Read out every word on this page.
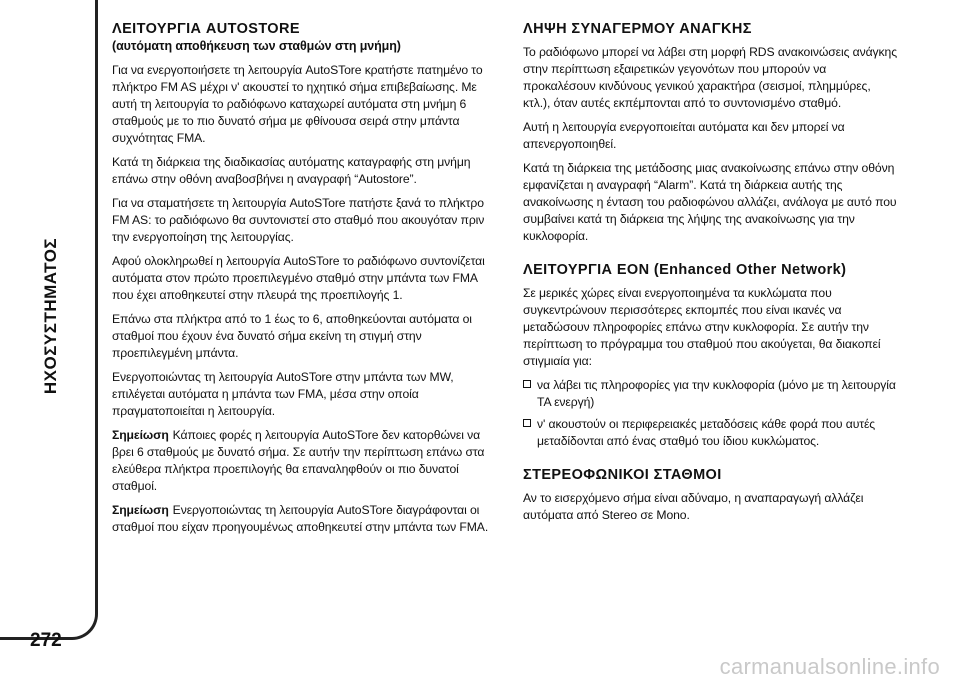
ΗΧΟΣΥΣΤΗΜΑΤΟΣ
272
ΛΕΙΤΟΥΡΓΙΑ AUTOSTORE
(αυτόματη αποθήκευση των σταθμών στη μνήμη)

Για να ενεργοποιήσετε τη λειτουργία AutoSTore κρατήστε πατημένο το πλήκτρο FM AS μέχρι ν' ακουστεί το ηχητικό σήμα επιβεβαίωσης. Με αυτή τη λειτουργία το ραδιόφωνο καταχωρεί αυτόματα στη μνήμη 6 σταθμούς με το πιο δυνατό σήμα με φθίνουσα σειρά στην μπάντα συχνότητας FMA.

Κατά τη διάρκεια της διαδικασίας αυτόματης καταγραφής στη μνήμη επάνω στην οθόνη αναβοσβήνει η αναγραφή “Autostore”.

Για να σταματήσετε τη λειτουργία AutoSTore πατήστε ξανά το πλήκτρο FM AS: το ραδιόφωνο θα συντονιστεί στο σταθμό που ακουγόταν πριν την ενεργοποίηση της λειτουργίας.

Αφού ολοκληρωθεί η λειτουργία AutoSTore το ραδιόφωνο συντονίζεται αυτόματα στον πρώτο προεπιλεγμένο σταθμό στην μπάντα των FMA που έχει αποθηκευτεί στην πλευρά της προεπιλογής 1.

Επάνω στα πλήκτρα από το 1 έως το 6, αποθηκεύονται αυτόματα οι σταθμοί που έχουν ένα δυνατό σήμα εκείνη τη στιγμή στην προεπιλεγμένη μπάντα.

Ενεργοποιώντας τη λειτουργία AutoSTore στην μπάντα των MW, επιλέγεται αυτόματα η μπάντα των FMA, μέσα στην οποία πραγματοποιείται η λειτουργία.

Σημείωση Κάποιες φορές η λειτουργία AutoSTore δεν κατορθώνει να βρει 6 σταθμούς με δυνατό σήμα. Σε αυτήν την περίπτωση επάνω στα ελεύθερα πλήκτρα προεπιλογής θα επαναληφθούν οι πιο δυνατοί σταθμοί.

Σημείωση Ενεργοποιώντας τη λειτουργία AutoSTore διαγράφονται οι σταθμοί που είχαν προηγουμένως αποθηκευτεί στην μπάντα των FMA.

ΛΗΨΗ ΣΥΝΑΓΕΡΜΟΥ ΑΝΑΓΚΗΣ

Το ραδιόφωνο μπορεί να λάβει στη μορφή RDS ανακοινώσεις ανάγκης στην περίπτωση εξαιρετικών γεγονότων που μπορούν να προκαλέσουν κινδύνους γενικού χαρακτήρα (σεισμοί, πλημμύρες, κτλ.), όταν αυτές εκπέμπονται από το συντονισμένο σταθμό.

Αυτή η λειτουργία ενεργοποιείται αυτόματα και δεν μπορεί να απενεργοποιηθεί.

Κατά τη διάρκεια της μετάδοσης μιας ανακοίνωσης επάνω στην οθόνη εμφανίζεται η αναγραφή “Alarm”. Κατά τη διάρκεια αυτής της ανακοίνωσης η ένταση του ραδιοφώνου αλλάζει, ανάλογα με αυτό που συμβαίνει κατά τη διάρκεια της λήψης της ανακοίνωσης για την κυκλοφορία.

ΛΕΙΤΟΥΡΓΙΑ EON (Enhanced Other Network)

Σε μερικές χώρες είναι ενεργοποιημένα τα κυκλώματα που συγκεντρώνουν περισσότερες εκπομπές που είναι ικανές να μεταδώσουν πληροφορίες επάνω στην κυκλοφορία. Σε αυτήν την περίπτωση το πρόγραμμα του σταθμού που ακούγεται, θα διακοπεί στιγμιαία για:

να λάβει τις πληροφορίες για την κυκλοφορία (μόνο με τη λειτουργία TA ενεργή)
ν' ακουστούν οι περιφερειακές μεταδόσεις κάθε φορά που αυτές μεταδίδονται από ένας σταθμό του ίδιου κυκλώματος.
ΣΤΕΡΕΟΦΩΝΙΚΟΙ ΣΤΑΘΜΟΙ

Αν το εισερχόμενο σήμα είναι αδύναμο, η αναπαραγωγή αλλάζει αυτόματα από Stereo σε Mono.

carmanualsonline.info
